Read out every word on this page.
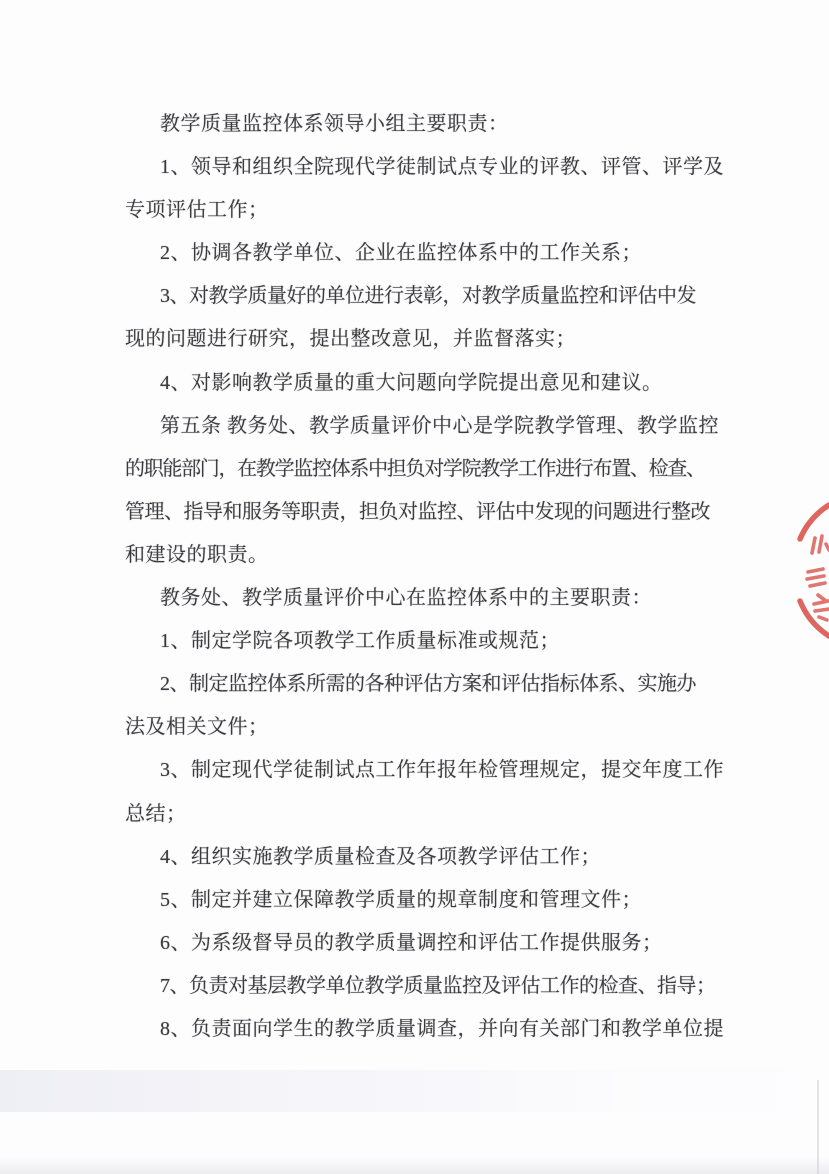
教学质量监控体系领导小组主要职责：
1、领导和组织全院现代学徒制试点专业的评教、评管、评学及
专项评估工作；
2、协调各教学单位、企业在监控体系中的工作关系；
3、对教学质量好的单位进行表彰，对教学质量监控和评估中发
现的问题进行研究，提出整改意见，并监督落实；
4、对影响教学质量的重大问题向学院提出意见和建议。
第五条 教务处、教学质量评价中心是学院教学管理、教学监控
的职能部门，在教学监控体系中担负对学院教学工作进行布置、检查、
管理、指导和服务等职责，担负对监控、评估中发现的问题进行整改
和建设的职责。
教务处、教学质量评价中心在监控体系中的主要职责：
1、制定学院各项教学工作质量标准或规范；
2、制定监控体系所需的各种评估方案和评估指标体系、实施办
法及相关文件；
3、制定现代学徒制试点工作年报年检管理规定，提交年度工作
总结；
4、组织实施教学质量检查及各项教学评估工作；
5、制定并建立保障教学质量的规章制度和管理文件；
6、为系级督导员的教学质量调控和评估工作提供服务；
7、负责对基层教学单位教学质量监控及评估工作的检查、指导；
8、负责面向学生的教学质量调查，并向有关部门和教学单位提
